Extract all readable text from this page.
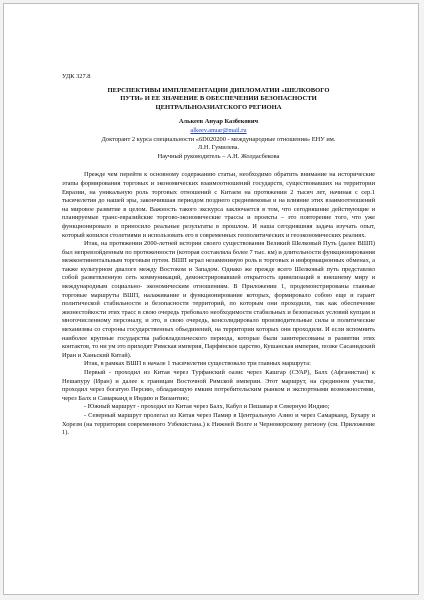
УДК 327.8
ПЕРСПЕКТИВЫ ИМПЛЕМЕНТАЦИИ ДИПЛОМАТИИ «ШЕЛКОВОГО
ПУТИ» И ЕЕ ЗНАЧЕНИЕ В ОБЕСПЕЧЕНИИ БЕЗОПАСНОСТИ
ЦЕНТРАЛЬНОАЗИАТСКОГО РЕГИОНА
Алькеев Ануар Казбекович
alkeev.anuar@mail.ru
Докторант 2 курса специальности «6D020200 - международные отношения» ЕНУ им.
Л.Н. Гумилева.
Научный руководитель – А.Н. Жолдасбекова

Прежде чем перейти к основному содержанию статьи, необходимо обратить внимание на исторические этапы формирования торговых и экономических взаимоотношений государств, существовавших на территории Евразии, на уникальную роль торговых отношений с Китаем на протяжении 2 тысяч лет, начиная с сер.1 тысячелетия до нашей эры, закончившая периодом позднего средневековья и на влияние этих взаимоотношений на мировое развитие в целом. Важность такого экскурса заключается в том, что сегодняшние действующие и планируемые транс-евразийские торгово-экономические трассы и проекты – это повторение того, что уже функционировало и приносило реальные результаты в прошлом. И наша сегодняшняя задача изучать опыт, который копился столетиями и использовать его в современных геополитических и геоэкономических реалиях.

Итак, на протяжении 2000-летней истории своего существования Великий Шелковый Путь (далее ВШП) был непревзойденным по протяженности (которая составляла более 7 тыс. км) и длительности функционирования межконтинентальным торговым путем. ВШП играл незаменимую роль в торговых и информационных обменах, а также культурном диалоге между Востоком и Западом. Однако же прежде всего Шелковый путь представлял собой разветвленную сеть коммуникаций, демонстрировавшей открытость цивилизаций в внешнему миру и международным социально- экономическим отношениям. В Приложении 1, продемонстрированы главные торговые маршруты ВШП, налаживание и функционирование которых, формировало собою еще и гарант политической стабильности и безопасности территорий, по которым они проходили, так как обеспечение жизнестойкости этих трасс в свою очередь требовало необходимости стабильных и безопасных условий купцам и многочисленному персоналу, и это, в свою очередь, консолидировало производительные силы и политические механизмы со стороны государственных объединений, на территории которых они проходили. И если вспомнить наиболее крупные государства рабовладельческого периода, которые были заинтересованы в развитии этих контактов, то ни ум это приходят Римская империя, Парфянское царство, Кушанская империя, позже Сасанидский Иран и Ханьский Китай).

Итак, в рамках ВШП в начале 1 тысячелетия существовало три главных маршрута:

Первый - проходил из Китая через Турфанский оазис через Кашгар (СУАР), Балх (Афганистан) к Нешапуру (Иран) и далее к границам Восточной Римской империи. Этот маршрут, на срединном участке, проходил через богатую Персию, обладающую емким потребительским рынком и экспортными возможностями, через Балх и Самарканд в Индию и Византию;

- Южный маршрут - проходил из Китая через Балх, Кабул и Пешавар в Северную Индию;

- Северный маршрут пролегал из Китая через Памир в Центральную Азию и через Самарканд, Бухару и Хорезм (на территории современного Узбекистана.) к Нижней Волге и Черноморскому региону (см. Приложение 1).
